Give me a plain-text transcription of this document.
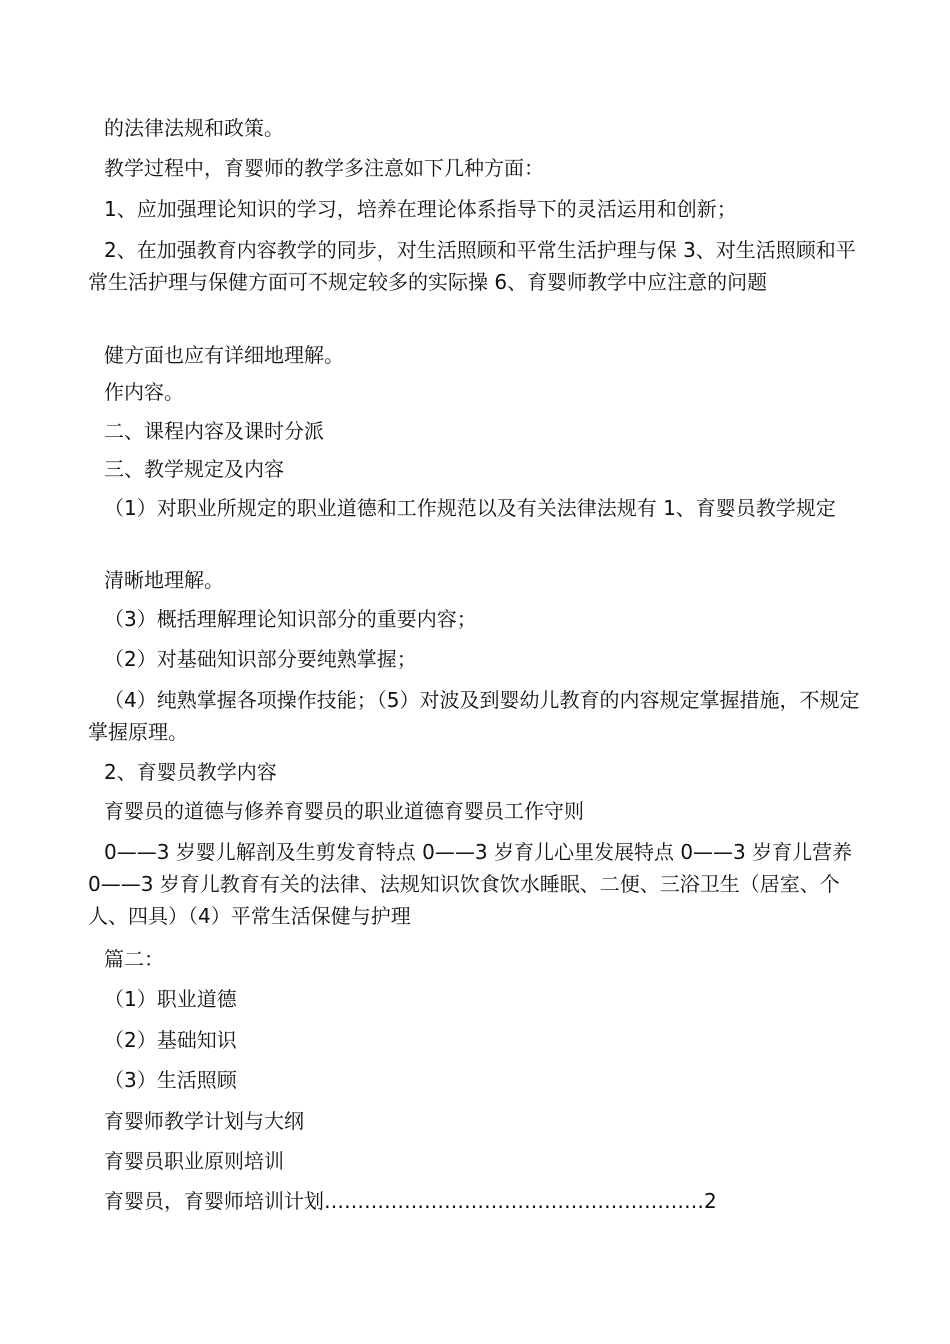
的法律法规和政策。

教学过程中，育婴师的教学多注意如下几种方面：

1、应加强理论知识的学习，培养在理论体系指导下的灵活运用和创新；

2、在加强教育内容教学的同步，对生活照顾和平常生活护理与保 3、对生活照顾和平常生活护理与保健方面可不规定较多的实际操 6、育婴师教学中应注意的问题

健方面也应有详细地理解。

作内容。

二、课程内容及课时分派

三、教学规定及内容

（1）对职业所规定的职业道德和工作规范以及有关法律法规有 1、育婴员教学规定

清晰地理解。

（3）概括理解理论知识部分的重要内容；

（2）对基础知识部分要纯熟掌握；

（4）纯熟掌握各项操作技能；（5）对波及到婴幼儿教育的内容规定掌握措施，不规定掌握原理。

2、育婴员教学内容

育婴员的道德与修养育婴员的职业道德育婴员工作守则

0——3 岁婴儿解剖及生剪发育特点 0——3 岁育儿心里发展特点 0——3 岁育儿营养 0——3 岁育儿教育有关的法律、法规知识饮食饮水睡眠、二便、三浴卫生（居室、个人、四具）（4）平常生活保健与护理

篇二：

（1）职业道德

（2）基础知识

（3）生活照顾

育婴师教学计划与大纲

育婴员职业原则培训

育婴员，育婴师培训计划…………………………………………………2
